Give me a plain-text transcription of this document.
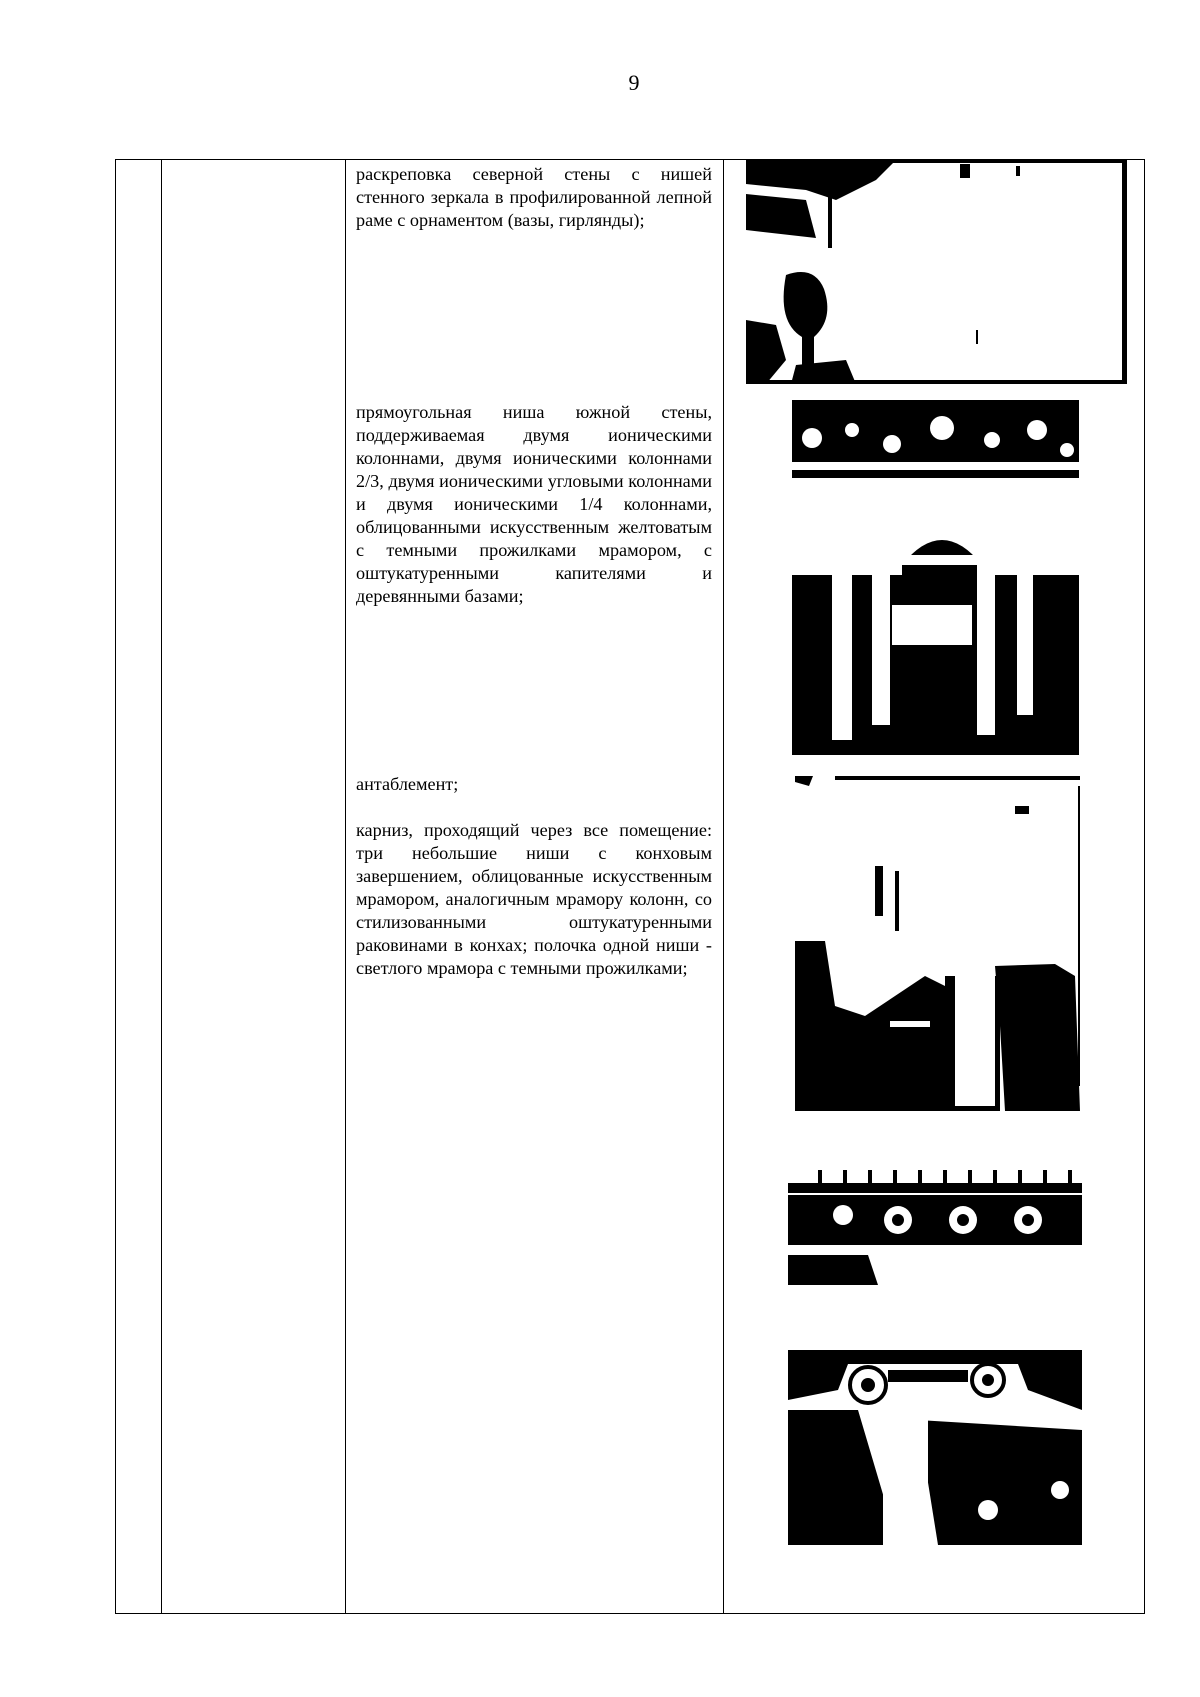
9

раскреповка северной стены с нишей стенного зеркала в профилированной лепной раме с орнаментом (вазы, гирлянды);

прямоугольная ниша южной стены, поддерживаемая двумя ионическими колоннами, двумя ионическими колоннами 2/3, двумя ионическими угловыми колоннами и двумя ионическими 1/4 колоннами, облицованными искусственным желтоватым с темными прожилками мрамором, с оштукатуренными капителями и деревянными базами;

антаблемент;

карниз, проходящий через все помещение: три небольшие ниши с конховым завершением, облицованные искусственным мрамором, аналогичным мрамору колонн, со стилизованными оштукатуренными раковинами в конхах; полочка одной ниши - светлого мрамора с темными прожилками;
